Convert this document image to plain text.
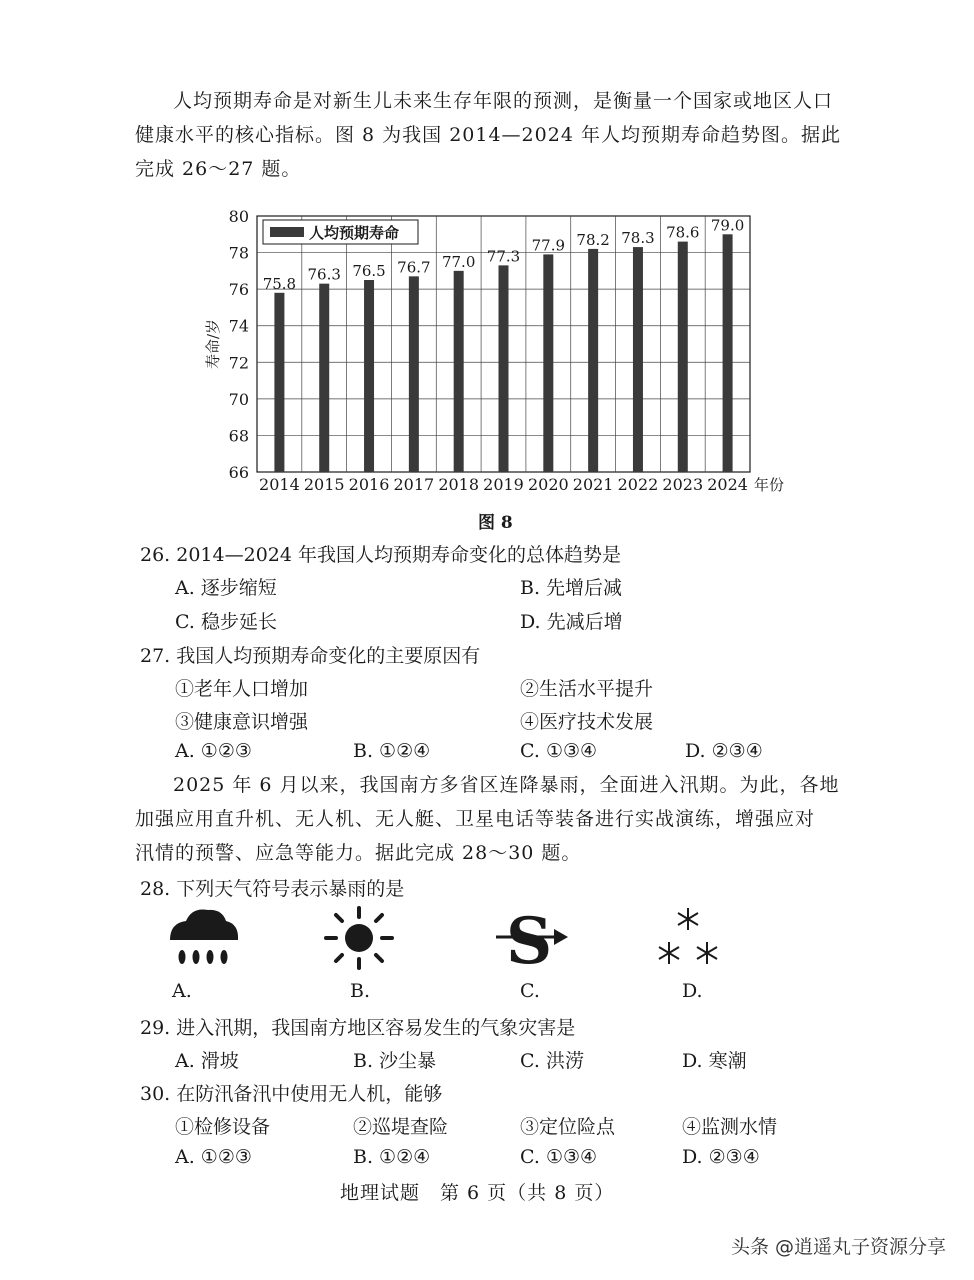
人均预期寿命是对新生儿未来生存年限的预测，是衡量一个国家或地区人口
健康水平的核心指标。图 8 为我国 2014—2024 年人均预期寿命趋势图。据此
完成 26～27 题。
66
68
70
72
74
76
78
80
75.8
2014
76.3
2015
76.5
2016
76.7
2017
77.0
2018
77.3
2019
77.9
2020
78.2
2021
78.3
2022
78.6
2023
79.0
2024 年份
寿命/岁
人均预期寿命
图 8
26. 2014—2024 年我国人均预期寿命变化的总体趋势是
A. 逐步缩短	B. 先增后减
C. 稳步延长	D. 先减后增
27. 我国人均预期寿命变化的主要原因有
①老年人口增加	②生活水平提升
③健康意识增强	④医疗技术发展
A. ①②③	B. ①②④	C. ①③④	D. ②③④
2025 年 6 月以来，我国南方多省区连降暴雨，全面进入汛期。为此，各地
加强应用直升机、无人机、无人艇、卫星电话等装备进行实战演练，增强应对
汛情的预警、应急等能力。据此完成 28～30 题。
28. 下列天气符号表示暴雨的是
S
A.	B.	C.	D.
29. 进入汛期，我国南方地区容易发生的气象灾害是
A. 滑坡	B. 沙尘暴	C. 洪涝	D. 寒潮
30. 在防汛备汛中使用无人机，能够
①检修设备	②巡堤查险	③定位险点	④监测水情
A. ①②③	B. ①②④	C. ①③④	D. ②③④
地理试题　第 6 页（共 8 页）
头条 @逍遥丸子资源分享
